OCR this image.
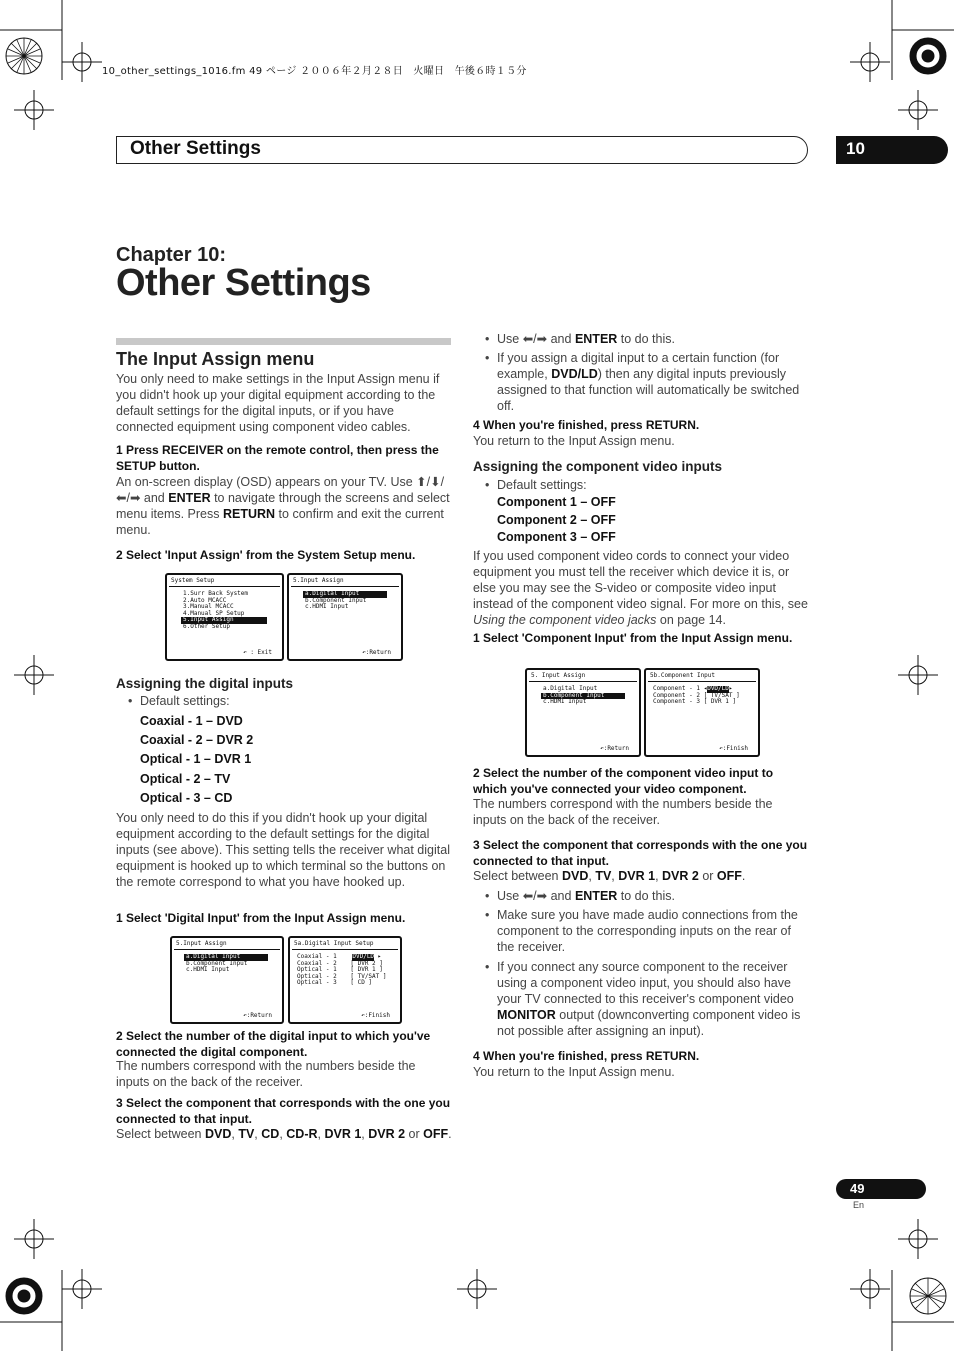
10_other_settings_1016.fm 49 ページ ２００６年２月２８日　火曜日　午後６時１５分
Other Settings	10
Chapter 10:
Other Settings
The Input Assign menu
You only need to make settings in the Input Assign menu if you didn't hook up your digital equipment according to the default settings for the digital inputs, or if you have connected equipment using component video cables.
1 Press RECEIVER on the remote control, then press the SETUP button.
An on-screen display (OSD) appears on your TV. Use ⬆/⬇/⬅/➡ and ENTER to navigate through the screens and select menu items. Press RETURN to confirm and exit the current menu.
2 Select 'Input Assign' from the System Setup menu.
System Setup
1.Surr Back System
2.Auto MCACC
3.Manual MCACC
4.Manual SP Setup
5.Input Assign
6.Other Setup
↶ : Exit
5.Input Assign
a.Digital Input
b.Component Input
c.HDMI Input
↶:Return
Assigning the digital inputs
• Default settings:
Coaxial - 1 – DVD
Coaxial - 2 – DVR 2
Optical - 1 – DVR 1
Optical - 2 – TV
Optical - 3 – CD
You only need to do this if you didn't hook up your digital equipment according to the default settings for the digital inputs (see above). This setting tells the receiver what digital equipment is hooked up to which terminal so the buttons on the remote correspond to what you have hooked up.
1 Select 'Digital Input' from the Input Assign menu.
5.Input Assign
a.Digital Input
b.Component Input
c.HDMI Input
↶:Return
5a.Digital Input Setup
Coaxial - 1	DVD/LD ▸
Coaxial - 2 [ DVR 2 ]
Optical - 1 [ DVR 1 ]
Optical - 2 [ TV/SAT ]
Optical - 3 [ CD ]
↶:Finish
2 Select the number of the digital input to which you've connected the digital component.
The numbers correspond with the numbers beside the inputs on the back of the receiver.
3 Select the component that corresponds with the one you connected to that input.
Select between DVD, TV, CD, CD-R, DVR 1, DVR 2 or OFF.
• Use ⬅/➡ and ENTER to do this.
• If you assign a digital input to a certain function (for example, DVD/LD) then any digital inputs previously assigned to that function will automatically be switched off.
4 When you're finished, press RETURN.
You return to the Input Assign menu.
Assigning the component video inputs
• Default settings:
Component 1 – OFF
Component 2 – OFF
Component 3 – OFF
If you used component video cords to connect your video equipment you must tell the receiver which device it is, or else you may see the S-video or composite video input instead of the component video signal. For more on this, see Using the component video jacks on page 14.
1 Select 'Component Input' from the Input Assign menu.
5. Input Assign
a.Digital Input
b.Component Input
c.HDMI Input
↶:Return
5b.Component Input
Component - 1 ◂DVD/LD▸
Component - 2 [ TV/SAT ]
Component - 3 [ DVR 1 ]
↶:Finish
2 Select the number of the component video input to which you've connected your video component.
The numbers correspond with the numbers beside the inputs on the back of the receiver.
3 Select the component that corresponds with the one you connected to that input.
Select between DVD, TV, DVR 1, DVR 2 or OFF.
• Use ⬅/➡ and ENTER to do this.
• Make sure you have made audio connections from the component to the corresponding inputs on the rear of the receiver.
• If you connect any source component to the receiver using a component video input, you should also have your TV connected to this receiver's component video MONITOR output (downconverting component video is not possible after assigning an input).
4 When you're finished, press RETURN.
You return to the Input Assign menu.
49
En
